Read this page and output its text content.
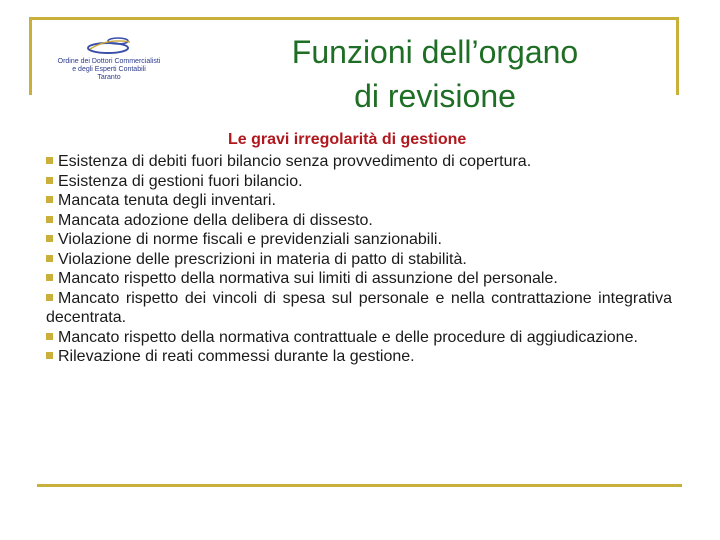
Ordine dei Dottori Commercialisti
e degli Esperti Contabili
Taranto
Funzioni dell’organo
di revisione
Le gravi irregolarità di gestione
Esistenza di debiti fuori bilancio senza provvedimento di copertura.
Esistenza di gestioni fuori bilancio.
Mancata tenuta degli inventari.
Mancata adozione della delibera di dissesto.
Violazione di norme fiscali e previdenziali sanzionabili.
Violazione delle prescrizioni in materia di patto di stabilità.
Mancato rispetto della normativa sui limiti di assunzione del personale.
Mancato rispetto dei vincoli di spesa sul personale e nella contrattazione integrativa decentrata.
Mancato rispetto della normativa contrattuale e delle procedure di aggiudicazione.
Rilevazione di reati commessi durante la gestione.
